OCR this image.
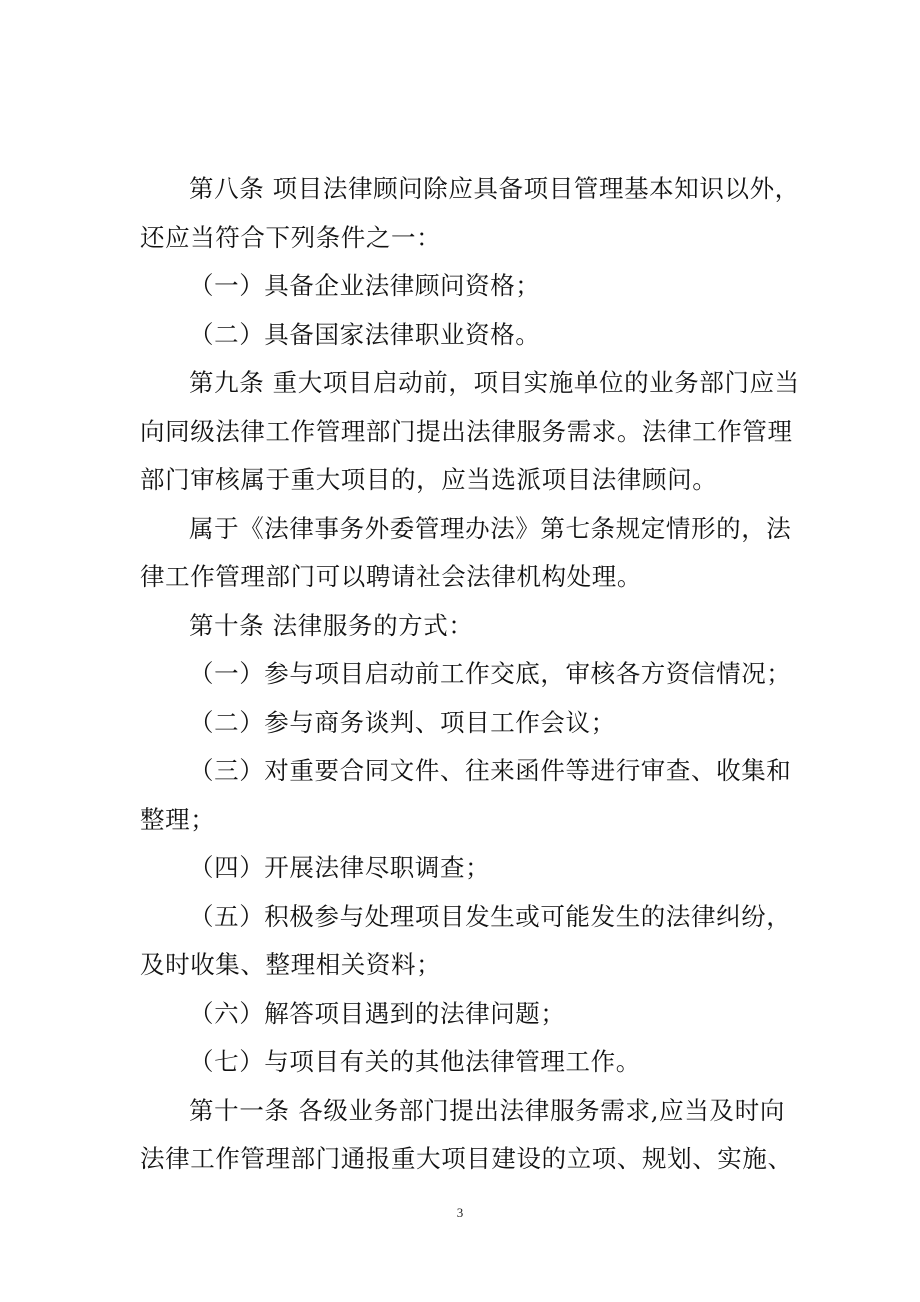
第八条 项目法律顾问除应具备项目管理基本知识以外，
还应当符合下列条件之一：
（一）具备企业法律顾问资格；
（二）具备国家法律职业资格。
第九条 重大项目启动前，项目实施单位的业务部门应当
向同级法律工作管理部门提出法律服务需求。法律工作管理
部门审核属于重大项目的，应当选派项目法律顾问。
属于《法律事务外委管理办法》第七条规定情形的，法
律工作管理部门可以聘请社会法律机构处理。
第十条 法律服务的方式：
（一）参与项目启动前工作交底，审核各方资信情况；
（二）参与商务谈判、项目工作会议；
（三）对重要合同文件、往来函件等进行审查、收集和
整理；
（四）开展法律尽职调查；
（五）积极参与处理项目发生或可能发生的法律纠纷，
及时收集、整理相关资料；
（六）解答项目遇到的法律问题；
（七）与项目有关的其他法律管理工作。
第十一条 各级业务部门提出法律服务需求,应当及时向
法律工作管理部门通报重大项目建设的立项、规划、实施、
3
